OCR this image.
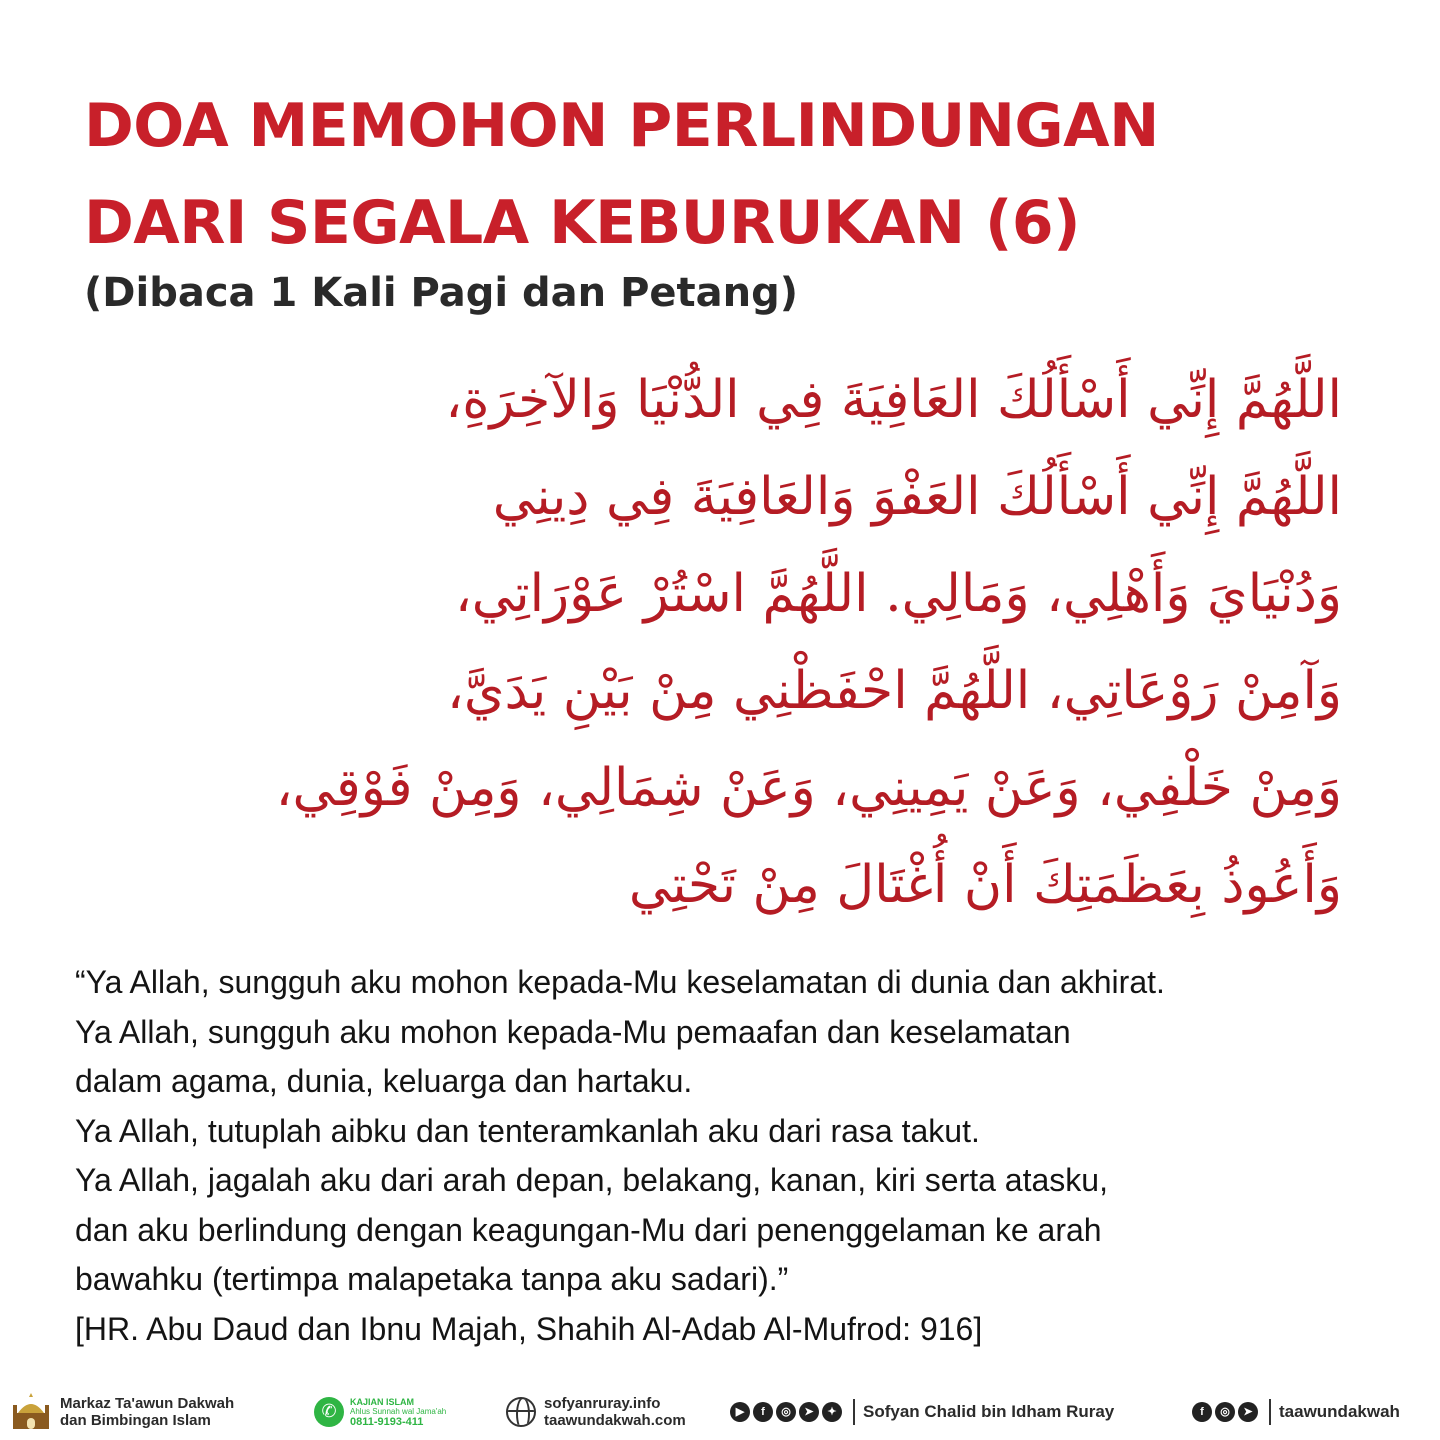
DOA MEMOHON PERLINDUNGAN
DARI SEGALA KEBURUKAN (6)

(Dibaca 1 Kali Pagi dan Petang)

اللَّهُمَّ إِنِّي أَسْأَلُكَ العَافِيَةَ فِي الدُّنْيَا وَالآخِرَةِ،
اللَّهُمَّ إِنِّي أَسْأَلُكَ العَفْوَ وَالعَافِيَةَ فِي دِينِي
وَدُنْيَايَ وَأَهْلِي، وَمَالِي. اللَّهُمَّ اسْتُرْ عَوْرَاتِي،
وَآمِنْ رَوْعَاتِي، اللَّهُمَّ احْفَظْنِي مِنْ بَيْنِ يَدَيَّ،
وَمِنْ خَلْفِي، وَعَنْ يَمِينِي، وَعَنْ شِمَالِي، وَمِنْ فَوْقِي،
وَأَعُوذُ بِعَظَمَتِكَ أَنْ أُغْتَالَ مِنْ تَحْتِي
“Ya Allah, sungguh aku mohon kepada-Mu keselamatan di dunia dan akhirat.
Ya Allah, sungguh aku mohon kepada-Mu pemaafan dan keselamatan
dalam agama, dunia, keluarga dan hartaku.
Ya Allah, tutuplah aibku dan tenteramkanlah aku dari rasa takut.
Ya Allah, jagalah aku dari arah depan, belakang, kanan, kiri serta atasku,
dan aku berlindung dengan keagungan-Mu dari penenggelaman ke arah
bawahku (tertimpa malapetaka tanpa aku sadari).”
[HR. Abu Daud dan Ibnu Majah, Shahih Al-Adab Al-Mufrod: 916]
Markaz Ta'awun Dakwah
dan Bimbingan Islam	✆	KAJIAN ISLAM
Ahlus Sunnah wal Jama'ah
0811-9193-411
sofyanruray.info
taawundakwah.com	▶	f	◎	➤	✦	Sofyan Chalid bin Idham Ruray	f	◎	➤	taawundakwah
